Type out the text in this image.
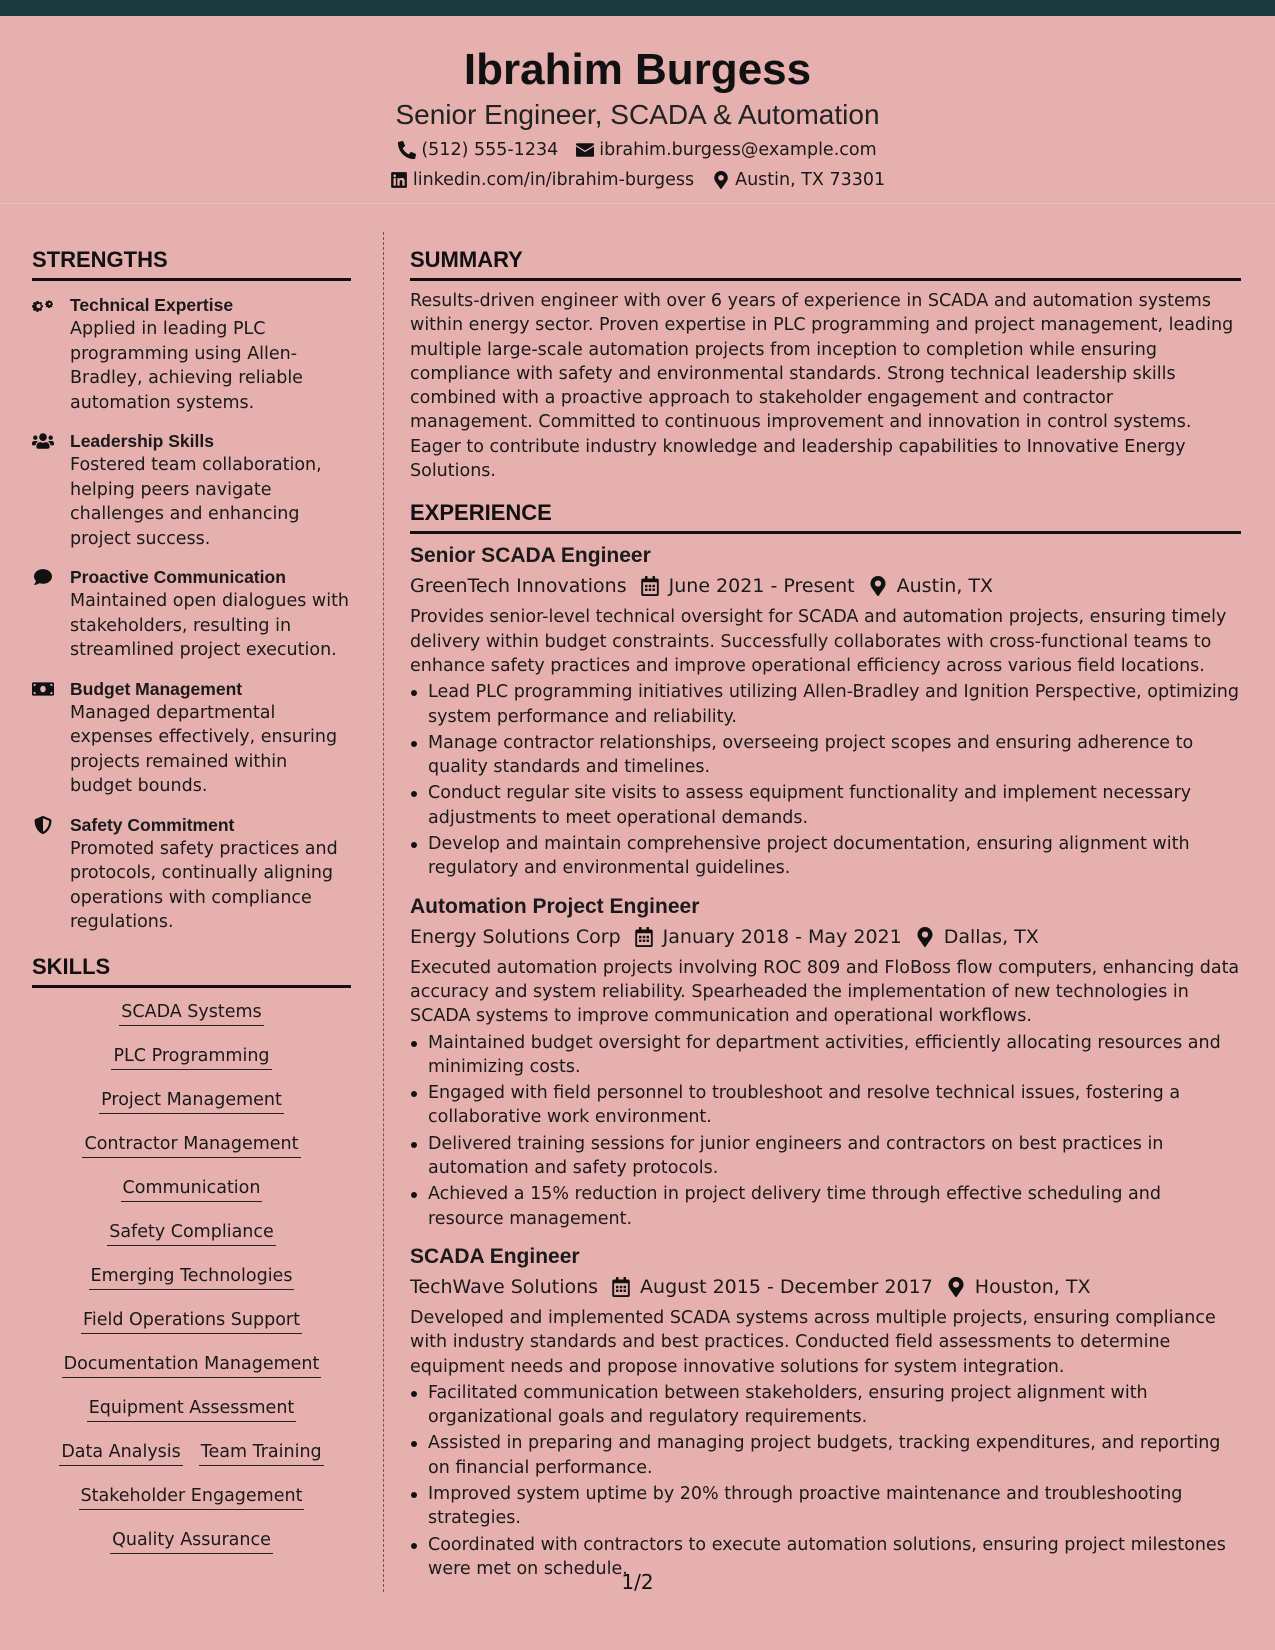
Ibrahim Burgess
Senior Engineer, SCADA & Automation
(512) 555-1234 ibrahim.burgess@example.com
linkedin.com/in/ibrahim-burgess Austin, TX 73301
STRENGTHS
Technical Expertise
Applied in leading PLC programming using Allen-Bradley, achieving reliable automation systems.
Leadership Skills
Fostered team collaboration, helping peers navigate challenges and enhancing project success.
Proactive Communication
Maintained open dialogues with stakeholders, resulting in streamlined project execution.
Budget Management
Managed departmental expenses effectively, ensuring projects remained within budget bounds.
Safety Commitment
Promoted safety practices and protocols, continually aligning operations with compliance regulations.
SKILLS
SCADA Systems
PLC Programming
Project Management
Contractor Management
Communication
Safety Compliance
Emerging Technologies
Field Operations Support
Documentation Management
Equipment Assessment
Data Analysis Team Training
Stakeholder Engagement
Quality Assurance
SUMMARY
Results-driven engineer with over 6 years of experience in SCADA and automation systems within energy sector. Proven expertise in PLC programming and project management, leading multiple large-scale automation projects from inception to completion while ensuring compliance with safety and environmental standards. Strong technical leadership skills combined with a proactive approach to stakeholder engagement and contractor management. Committed to continuous improvement and innovation in control systems. Eager to contribute industry knowledge and leadership capabilities to Innovative Energy Solutions.
EXPERIENCE
Senior SCADA Engineer
GreenTech Innovations June 2021 - Present Austin, TX
Provides senior-level technical oversight for SCADA and automation projects, ensuring timely delivery within budget constraints. Successfully collaborates with cross-functional teams to enhance safety practices and improve operational efficiency across various field locations.
Lead PLC programming initiatives utilizing Allen-Bradley and Ignition Perspective, optimizing system performance and reliability.
Manage contractor relationships, overseeing project scopes and ensuring adherence to quality standards and timelines.
Conduct regular site visits to assess equipment functionality and implement necessary adjustments to meet operational demands.
Develop and maintain comprehensive project documentation, ensuring alignment with regulatory and environmental guidelines.
Automation Project Engineer
Energy Solutions Corp January 2018 - May 2021 Dallas, TX
Executed automation projects involving ROC 809 and FloBoss flow computers, enhancing data accuracy and system reliability. Spearheaded the implementation of new technologies in SCADA systems to improve communication and operational workflows.
Maintained budget oversight for department activities, efficiently allocating resources and minimizing costs.
Engaged with field personnel to troubleshoot and resolve technical issues, fostering a collaborative work environment.
Delivered training sessions for junior engineers and contractors on best practices in automation and safety protocols.
Achieved a 15% reduction in project delivery time through effective scheduling and resource management.
SCADA Engineer
TechWave Solutions August 2015 - December 2017 Houston, TX
Developed and implemented SCADA systems across multiple projects, ensuring compliance with industry standards and best practices. Conducted field assessments to determine equipment needs and propose innovative solutions for system integration.
Facilitated communication between stakeholders, ensuring project alignment with organizational goals and regulatory requirements.
Assisted in preparing and managing project budgets, tracking expenditures, and reporting on financial performance.
Improved system uptime by 20% through proactive maintenance and troubleshooting strategies.
Coordinated with contractors to execute automation solutions, ensuring project milestones were met on schedule.
1/2
